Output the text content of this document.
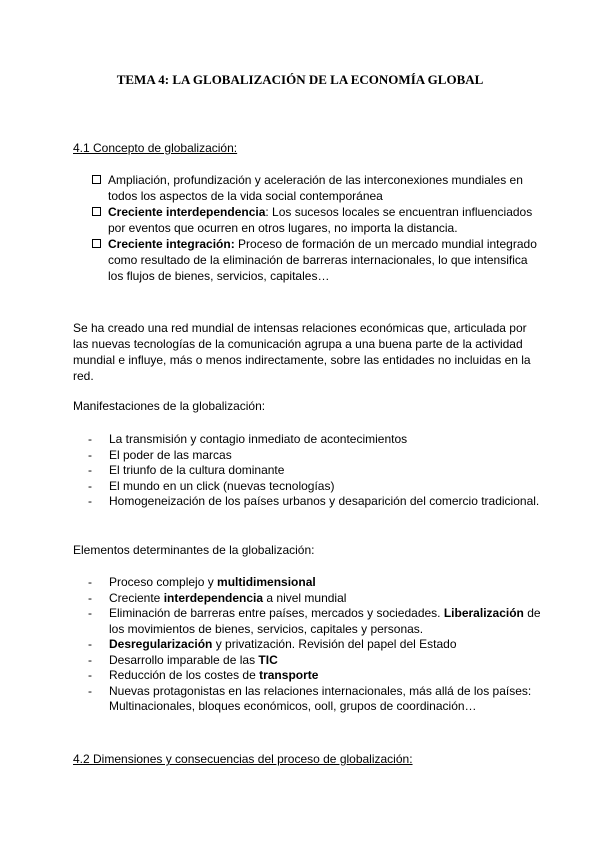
TEMA 4: LA GLOBALIZACIÓN DE LA ECONOMÍA GLOBAL
4.1 Concepto de globalización:
Ampliación, profundización y aceleración de las interconexiones mundiales en todos los aspectos de la vida social contemporánea
Creciente interdependencia: Los sucesos locales se encuentran influenciados por eventos que ocurren en otros lugares, no importa la distancia.
Creciente integración: Proceso de formación de un mercado mundial integrado como resultado de la eliminación de barreras internacionales, lo que intensifica los flujos de bienes, servicios, capitales…
Se ha creado una red mundial de intensas relaciones económicas que, articulada por las nuevas tecnologías de la comunicación agrupa a una buena parte de la actividad mundial e influye, más o menos indirectamente, sobre las entidades no incluidas en la red.
Manifestaciones de la globalización:
- La transmisión y contagio inmediato de acontecimientos
- El poder de las marcas
- El triunfo de la cultura dominante
- El mundo en un click (nuevas tecnologías)
- Homogeneización de los países urbanos y desaparición del comercio tradicional.
Elementos determinantes de la globalización:
- Proceso complejo y multidimensional
- Creciente interdependencia a nivel mundial
- Eliminación de barreras entre países, mercados y sociedades. Liberalización de los movimientos de bienes, servicios, capitales y personas.
- Desregularización y privatización. Revisión del papel del Estado
- Desarrollo imparable de las TIC
- Reducción de los costes de transporte
- Nuevas protagonistas en las relaciones internacionales, más allá de los países: Multinacionales, bloques económicos, ooll, grupos de coordinación…
4.2 Dimensiones y consecuencias del proceso de globalización:
